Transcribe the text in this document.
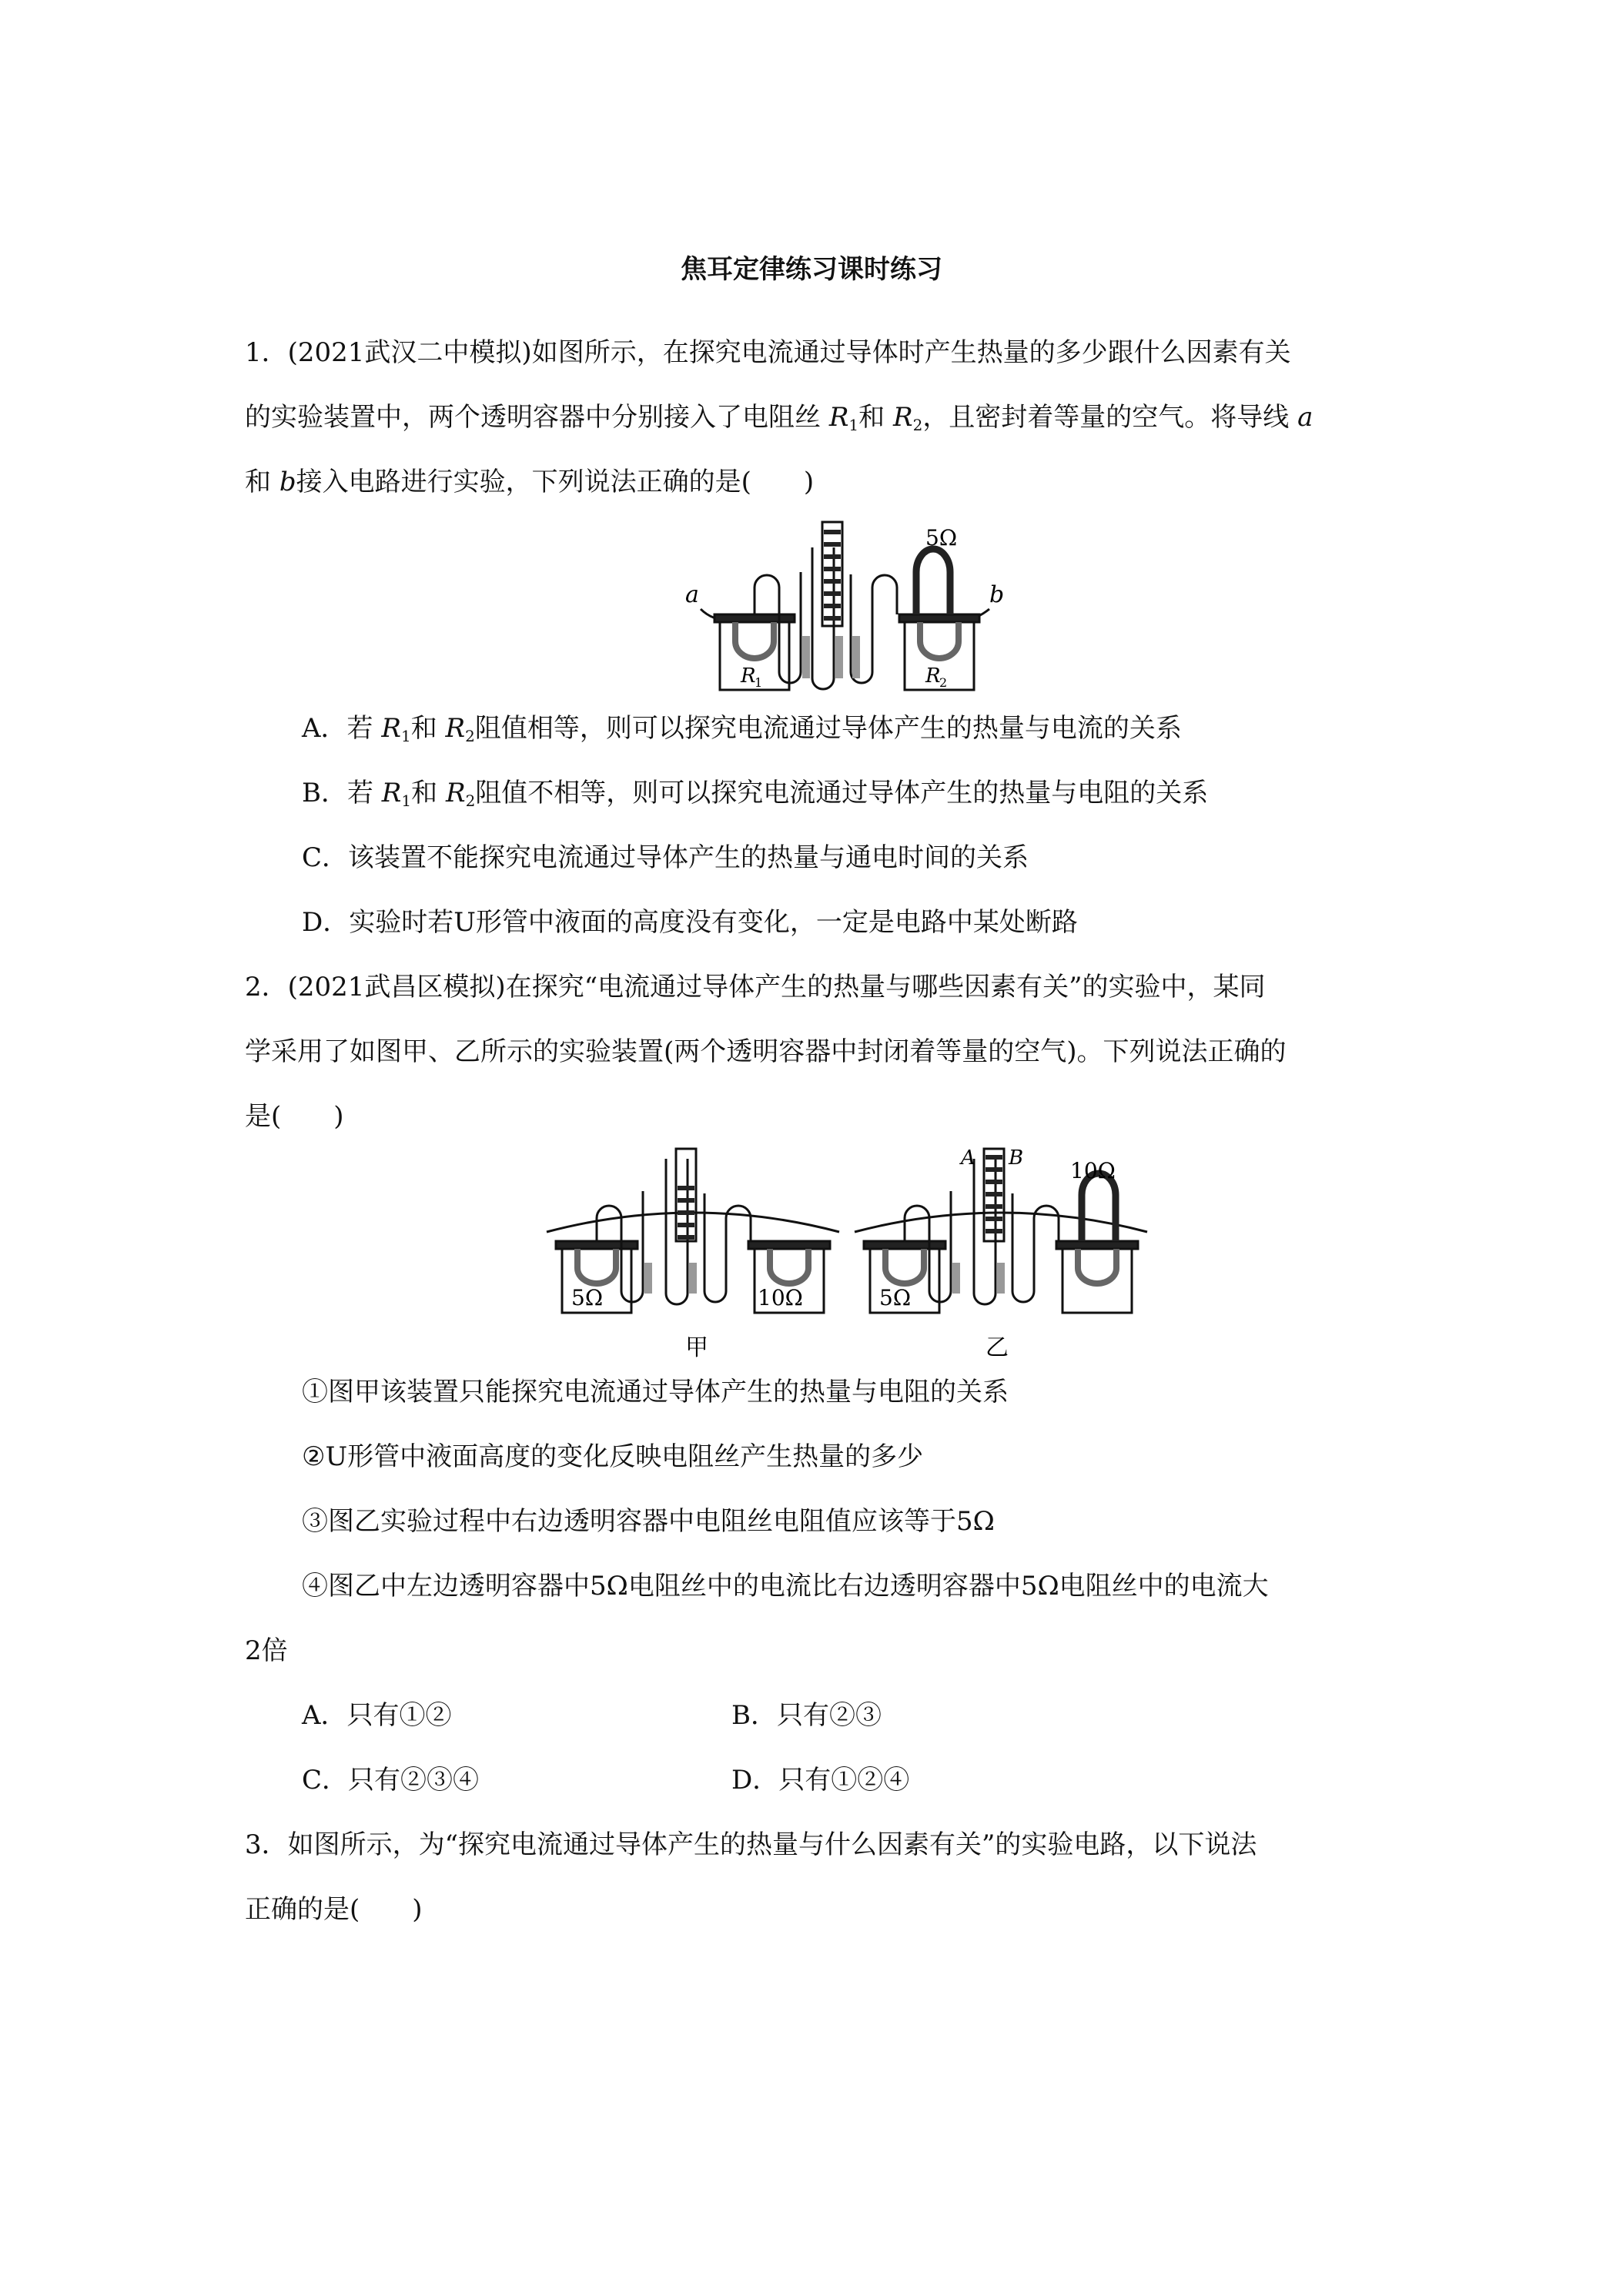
焦耳定律练习课时练习
1．(2021武汉二中模拟)如图所示，在探究电流通过导体时产生热量的多少跟什么因素有关
的实验装置中，两个透明容器中分别接入了电阻丝 $R_1$和 $R_2$，且密封着等量的空气。将导线 a
和 b接入电路进行实验，下列说法正确的是(　　)
5Ω
a	b
R
1	R
2
A．若 $R_1$和 $R_2$阻值相等，则可以探究电流通过导体产生的热量与电流的关系
B．若 $R_1$和 $R_2$阻值不相等，则可以探究电流通过导体产生的热量与电阻的关系
C．该装置不能探究电流通过导体产生的热量与通电时间的关系
D．实验时若U形管中液面的高度没有变化，一定是电路中某处断路
2．(2021武昌区模拟)在探究“电流通过导体产生的热量与哪些因素有关”的实验中，某同
学采用了如图甲、乙所示的实验装置(两个透明容器中封闭着等量的空气)。下列说法正确的
是(　　)
5Ω	10Ω
甲
5Ω
10Ω
A B
乙
①图甲该装置只能探究电流通过导体产生的热量与电阻的关系
②U形管中液面高度的变化反映电阻丝产生热量的多少
③图乙实验过程中右边透明容器中电阻丝电阻值应该等于5Ω
④图乙中左边透明容器中5Ω电阻丝中的电流比右边透明容器中5Ω电阻丝中的电流大
2倍
A．只有①②	B．只有②③
C．只有②③④	D．只有①②④
3．如图所示，为“探究电流通过导体产生的热量与什么因素有关”的实验电路，以下说法
正确的是(　　)
